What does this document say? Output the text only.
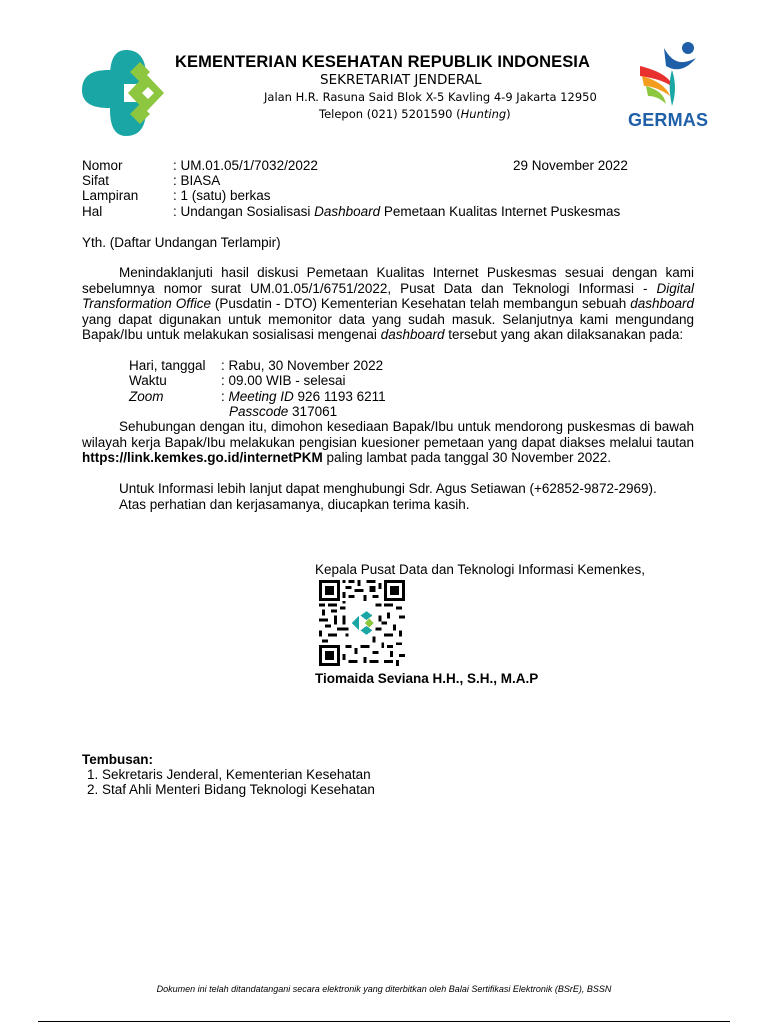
KEMENTERIAN KESEHATAN REPUBLIK INDONESIA
SEKRETARIAT JENDERAL
Jalan H.R. Rasuna Said Blok X-5 Kavling 4-9 Jakarta 12950
Telepon (021) 5201590 (Hunting)	GERMAS
Nomor	: UM.01.05/1/7032/2022	29 November 2022
Sifat	: BIASA
Lampiran	: 1 (satu) berkas
Hal	: Undangan Sosialisasi Dashboard Pemetaan Kualitas Internet Puskesmas
Yth. (Daftar Undangan Terlampir)
Menindaklanjuti hasil diskusi Pemetaan Kualitas Internet Puskesmas sesuai dengan kami sebelumnya nomor surat UM.01.05/1/6751/2022, Pusat Data dan Teknologi Informasi - Digital Transformation Office (Pusdatin - DTO) Kementerian Kesehatan telah membangun sebuah dashboard yang dapat digunakan untuk memonitor data yang sudah masuk. Selanjutnya kami mengundang Bapak/Ibu untuk melakukan sosialisasi mengenai dashboard tersebut yang akan dilaksanakan pada:
Hari, tanggal : Rabu, 30 November 2022
Waktu	: 09.00 WIB - selesai
Zoom	: Meeting ID 926 1193 6211
Passcode 317061
Sehubungan dengan itu, dimohon kesediaan Bapak/Ibu untuk mendorong puskesmas di bawah wilayah kerja Bapak/Ibu melakukan pengisian kuesioner pemetaan yang dapat diakses melalui tautan https://link.kemkes.go.id/internetPKM paling lambat pada tanggal 30 November 2022.
Untuk Informasi lebih lanjut dapat menghubungi Sdr. Agus Setiawan (+62852-9872-2969).
Atas perhatian dan kerjasamanya, diucapkan terima kasih.
Kepala Pusat Data dan Teknologi Informasi Kemenkes,
Tiomaida Seviana H.H., S.H., M.A.P
Tembusan:
1. Sekretaris Jenderal, Kementerian Kesehatan
2. Staf Ahli Menteri Bidang Teknologi Kesehatan
Dokumen ini telah ditandatangani secara elektronik yang diterbitkan oleh Balai Sertifikasi Elektronik (BSrE), BSSN
